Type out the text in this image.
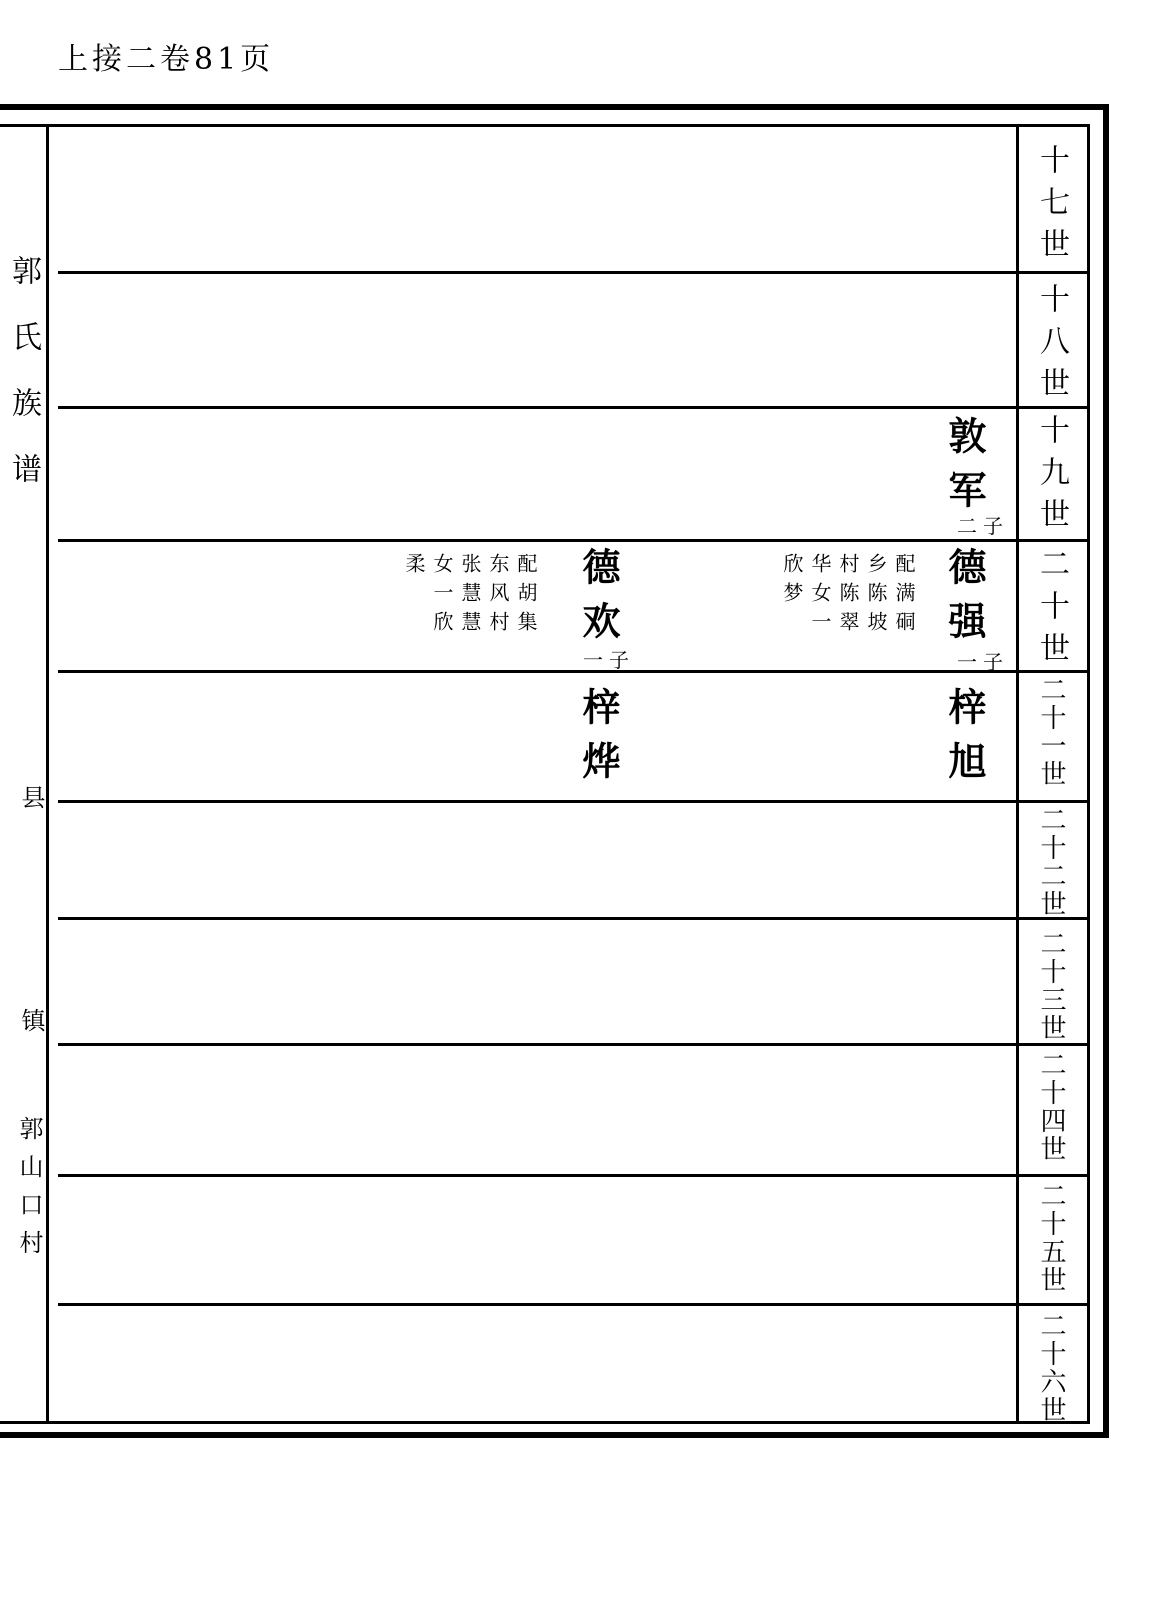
上接二卷81页
郭氏族谱
县
镇
郭山口村
十七世
十八世
十九世
二十世
二十一世
二十二世
二十三世
二十四世
二十五世
二十六世
敦军
二子
德强
一子
配满硐
乡陈坡
村陈翠
华女一
欣梦
德欢
一子
配胡集
东风村
张慧慧
女一欣
柔
梓旭
梓烨
